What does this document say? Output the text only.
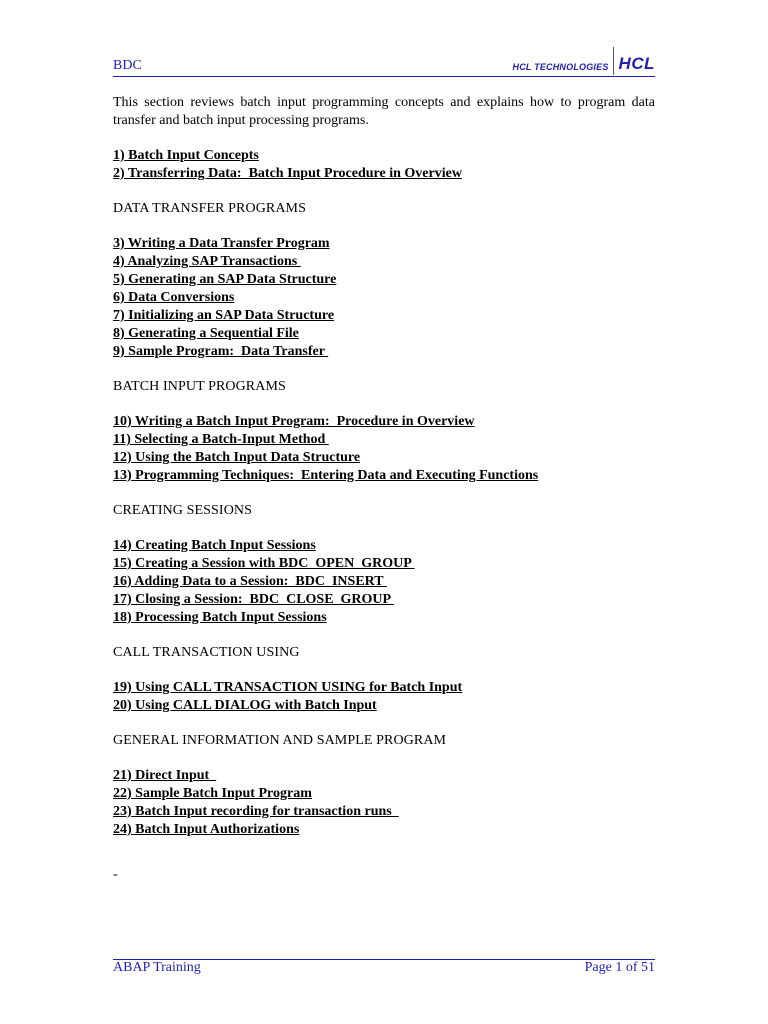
BDC	HCL TECHNOLOGIES HCL

This section reviews batch input programming concepts and explains how to program data transfer and batch input processing programs.

1) Batch Input Concepts
2) Transferring Data:  Batch Input Procedure in Overview
DATA TRANSFER PROGRAMS
3) Writing a Data Transfer Program
4) Analyzing SAP Transactions
5) Generating an SAP Data Structure
6) Data Conversions
7) Initializing an SAP Data Structure
8) Generating a Sequential File
9) Sample Program:  Data Transfer
BATCH INPUT PROGRAMS
10) Writing a Batch Input Program:  Procedure in Overview
11) Selecting a Batch-Input Method
12) Using the Batch Input Data Structure
13) Programming Techniques:  Entering Data and Executing Functions
CREATING SESSIONS
14) Creating Batch Input Sessions
15) Creating a Session with BDC_OPEN_GROUP
16) Adding Data to a Session:  BDC_INSERT
17) Closing a Session:  BDC_CLOSE_GROUP
18) Processing Batch Input Sessions
CALL TRANSACTION USING
19) Using CALL TRANSACTION USING for Batch Input
20) Using CALL DIALOG with Batch Input
GENERAL INFORMATION AND SAMPLE PROGRAM
21) Direct Input
22) Sample Batch Input Program
23) Batch Input recording for transaction runs
24) Batch Input Authorizations
-
ABAP Training	Page 1 of 51
